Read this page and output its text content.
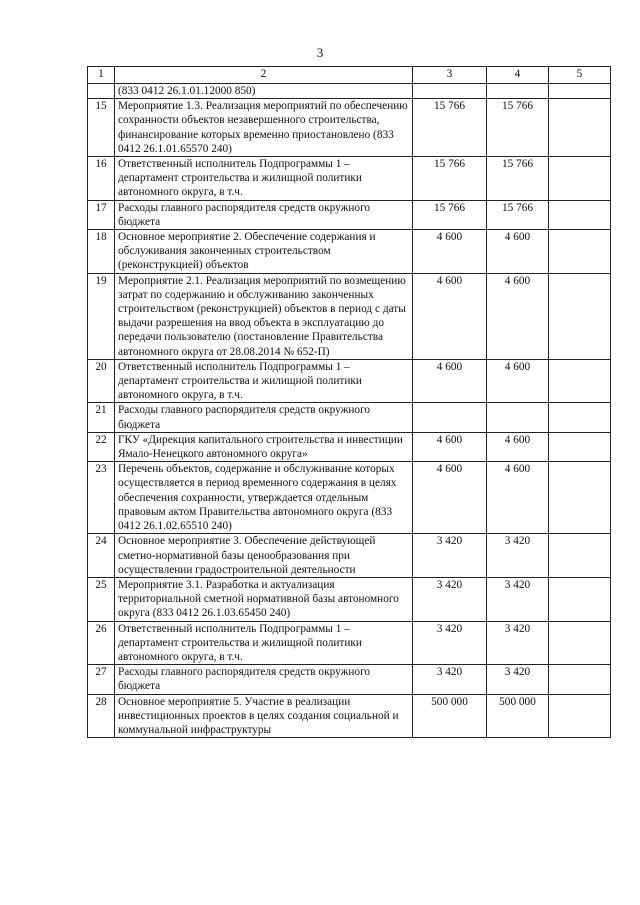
3
1	2	3	4	5
	(833 0412 26.1.01.12000 850)			
15	Мероприятие 1.3. Реализация мероприятий по обеспечению сохранности объектов незавершенного строительства, финансирование которых временно приостановлено (833 0412 26.1.01.65570 240)	15 766	15 766	
16	Ответственный исполнитель Подпрограммы 1 – департамент строительства и жилищной политики автономного округа, в т.ч.	15 766	15 766	
17	Расходы главного распорядителя средств окружного бюджета	15 766	15 766	
18	Основное мероприятие 2. Обеспечение содержания и обслуживания законченных строительством (реконструкцией) объектов	4 600	4 600	
19	Мероприятие 2.1. Реализация мероприятий по возмещению затрат по содержанию и обслуживанию законченных строительством (реконструкцией) объектов в период с даты выдачи разрешения на ввод объекта в эксплуатацию до передачи пользователю (постановление Правительства автономного округа от 28.08.2014 № 652-П)	4 600	4 600	
20	Ответственный исполнитель Подпрограммы 1 – департамент строительства и жилищной политики автономного округа, в т.ч.	4 600	4 600	
21	Расходы главного распорядителя средств окружного бюджета			
22	ГКУ «Дирекция капитального строительства и инвестиции Ямало-Ненецкого автономного округа»	4 600	4 600	
23	Перечень объектов, содержание и обслуживание которых осуществляется в период временного содержания в целях обеспечения сохранности, утверждается отдельным правовым актом Правительства автономного округа (833 0412 26.1.02.65510 240)	4 600	4 600	
24	Основное мероприятие 3. Обеспечение действующей сметно-нормативной базы ценообразования при осуществлении градостроительной деятельности	3 420	3 420	
25	Мероприятие 3.1. Разработка и актуализация территориальной сметной нормативной базы автономного округа (833 0412 26.1.03.65450 240)	3 420	3 420	
26	Ответственный исполнитель Подпрограммы 1 – департамент строительства и жилищной политики автономного округа, в т.ч.	3 420	3 420	
27	Расходы главного распорядителя средств окружного бюджета	3 420	3 420	
28	Основное мероприятие 5. Участие в реализации инвестиционных проектов в целях создания социальной и коммунальной инфраструктуры	500 000	500 000	
